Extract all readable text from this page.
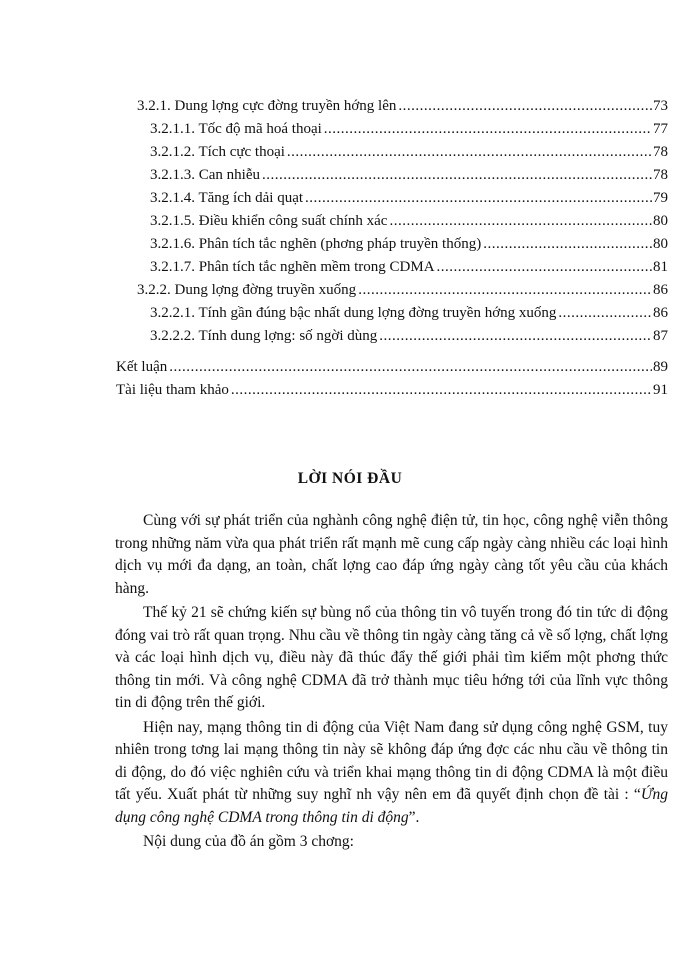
3.2.1. Dung lợng cực đờng truyền hớng lên .....	73
3.2.1.1. Tốc độ mã hoá thoại .....	77
3.2.1.2. Tích cực thoại .....	78
3.2.1.3. Can nhiễu .....	78
3.2.1.4. Tăng ích dải quạt .....	79
3.2.1.5. Điều khiển công suất chính xác .....	80
3.2.1.6. Phân tích tắc nghẽn (phơng pháp truyền thống) .....	80
3.2.1.7. Phân tích tắc nghẽn mềm trong CDMA .....	81
3.2.2. Dung lợng đờng truyền xuống .....	86
3.2.2.1. Tính gần đúng bậc nhất dung lợng đờng truyền hớng xuống .....	86
3.2.2.2. Tính dung lợng: số ngời dùng .....	87
Kết luận .....	89
Tài liệu tham khảo .....	91
LỜI NÓI ĐẦU

Cùng với sự phát triển của nghành công nghệ điện tử, tin học, công nghệ viễn thông trong những năm vừa qua phát triển rất mạnh mẽ cung cấp ngày càng nhiều các loại hình dịch vụ mới đa dạng, an toàn, chất lợng cao đáp ứng ngày càng tốt yêu cầu của khách hàng.

Thế kỷ 21 sẽ chứng kiến sự bùng nổ của thông tin vô tuyến trong đó tin tức di động đóng vai trò rất quan trọng. Nhu cầu về thông tin ngày càng tăng cả về số lợng, chất lợng và các loại hình dịch vụ, điều này đã thúc đẩy thế giới phải tìm kiếm một phơng thức thông tin mới. Và công nghệ CDMA đã trở thành mục tiêu hớng tới của lĩnh vực thông tin di động trên thế giới.

Hiện nay, mạng thông tin di động của Việt Nam đang sử dụng công nghệ GSM, tuy nhiên trong tơng lai mạng thông tin này sẽ không đáp ứng đợc các nhu cầu về thông tin di động, do đó việc nghiên cứu và triển khai mạng thông tin di động CDMA là một điều tất yếu. Xuất phát từ những suy nghĩ nh vậy nên em đã quyết định chọn đề tài : “Ứng dụng công nghệ CDMA trong thông tin di động”.

Nội dung của đồ án gồm 3 chơng:
